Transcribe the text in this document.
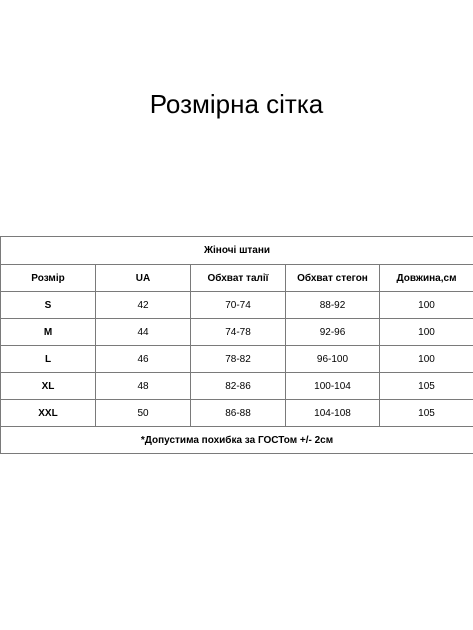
Розмірна сітка
Жіночі штани				
Розмір	UA	Обхват талії	Обхват стегон	Довжина,см
S	42	70-74	88-92	100
M	44	74-78	92-96	100
L	46	78-82	96-100	100
XL	48	82-86	100-104	105
XXL	50	86-88	104-108	105
*Допустима похибка за ГОСТом +/- 2см				
